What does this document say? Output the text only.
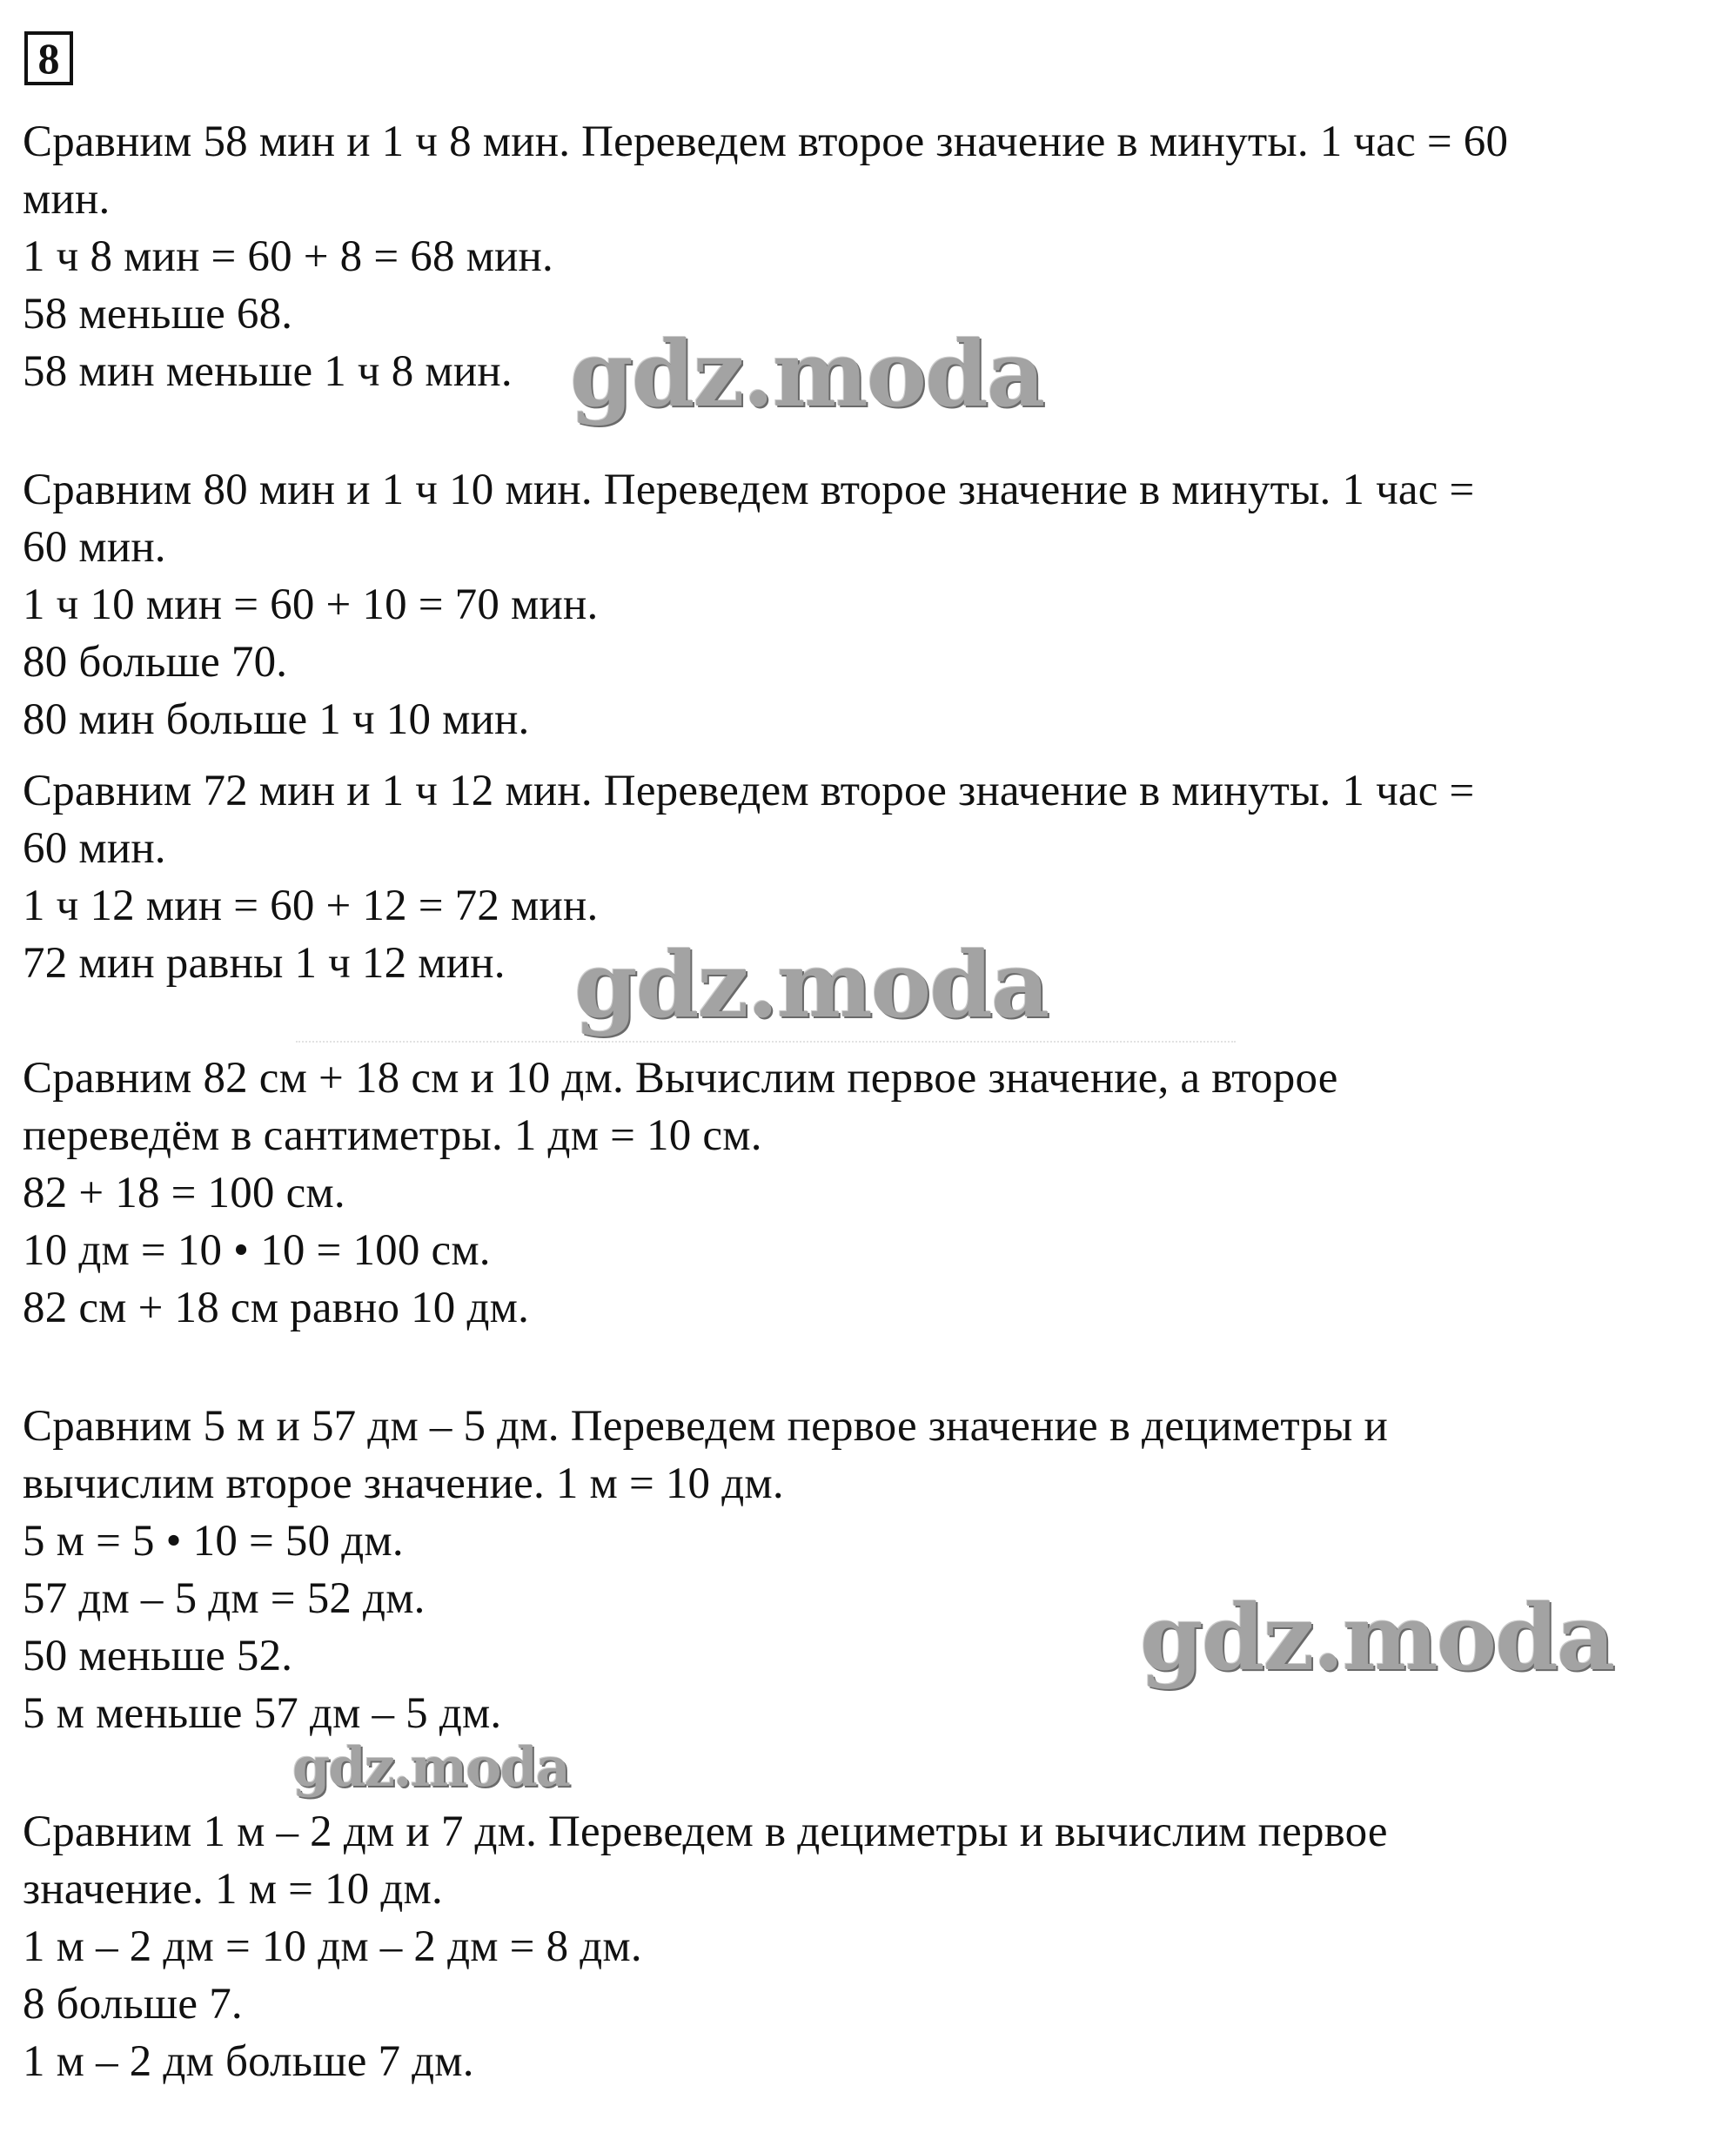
8
Сравним 58 мин и 1 ч 8 мин. Переведем второе значение в минуты. 1 час = 60
мин.
1 ч 8 мин = 60 + 8 = 68 мин.
58 меньше 68.
58 мин меньше 1 ч 8 мин.
Сравним 80 мин и 1 ч 10 мин. Переведем второе значение в минуты. 1 час =
60 мин.
1 ч 10 мин = 60 + 10 = 70 мин.
80 больше 70.
80 мин больше 1 ч 10 мин.
Сравним 72 мин и 1 ч 12 мин. Переведем второе значение в минуты. 1 час =
60 мин.
1 ч 12 мин = 60 + 12 = 72 мин.
72 мин равны 1 ч 12 мин.
Сравним 82 см + 18 см и 10 дм. Вычислим первое значение, а второе
переведём в сантиметры. 1 дм = 10 см.
82 + 18 = 100 см.
10 дм = 10 • 10 = 100 см.
82 см + 18 см равно 10 дм.
Сравним 5 м и 57 дм – 5 дм. Переведем первое значение в дециметры и
вычислим второе значение. 1 м = 10 дм.
5 м = 5 • 10 = 50 дм.
57 дм – 5 дм = 52 дм.
50 меньше 52.
5 м меньше 57 дм – 5 дм.
Сравним 1 м – 2 дм и 7 дм. Переведем в дециметры и вычислим первое
значение. 1 м = 10 дм.
1 м – 2 дм = 10 дм – 2 дм = 8 дм.
8 больше 7.
1 м – 2 дм больше 7 дм.
gdz.moda
gdz.moda
gdz.moda
gdz.moda
